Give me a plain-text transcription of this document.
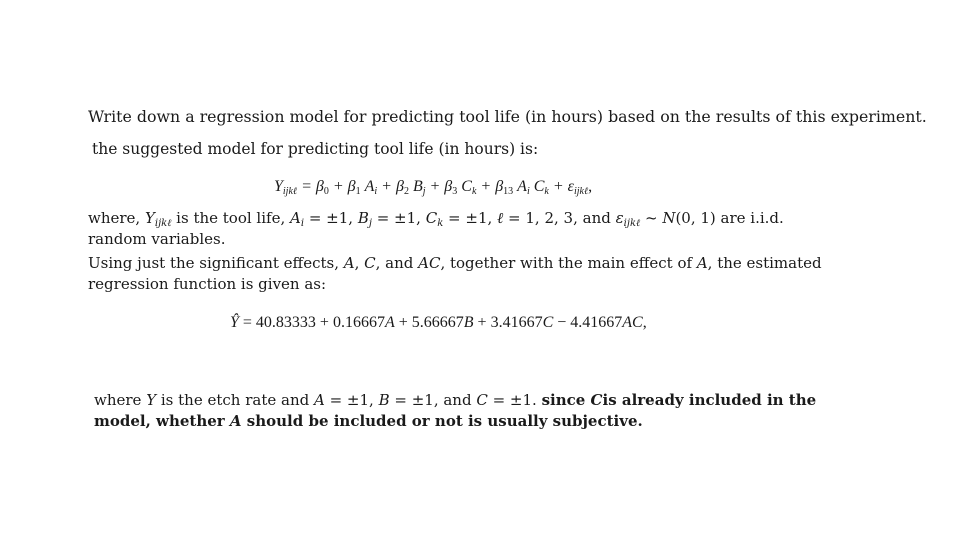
Write down a regression model for predicting tool life (in hours) based on the results of this experiment.
the suggested model for predicting tool life (in hours) is:
$Y_{ijk\ell} = \beta_0 + \beta_1$ $A_i + \beta_2$ $B_j + \beta_3$ $C_k + \beta_{13}$ $A_i$ $C_k + \varepsilon_{ijk\ell}$,
where, $Y_{ijk\ell}$ is the tool life, $A_i = \pm 1$, $B_j = \pm 1$, $C_k = \pm 1$, ℓ = 1, 2, 3, and $\varepsilon_{ijk\ell}$ ~ N(0, 1) are i.i.d.
random variables.
Using just the significant effects, A, C, and AC, together with the main effect of A, the estimated
regression function is given as:
Ŷ = 40.83333 + 0.16667A + 5.66667B + 3.41667C − 4.41667AC,
where Y is the etch rate and A = ±1, B = ±1, and C = ±1. since Cis already included in the
model, whether A should be included or not is usually subjective.
